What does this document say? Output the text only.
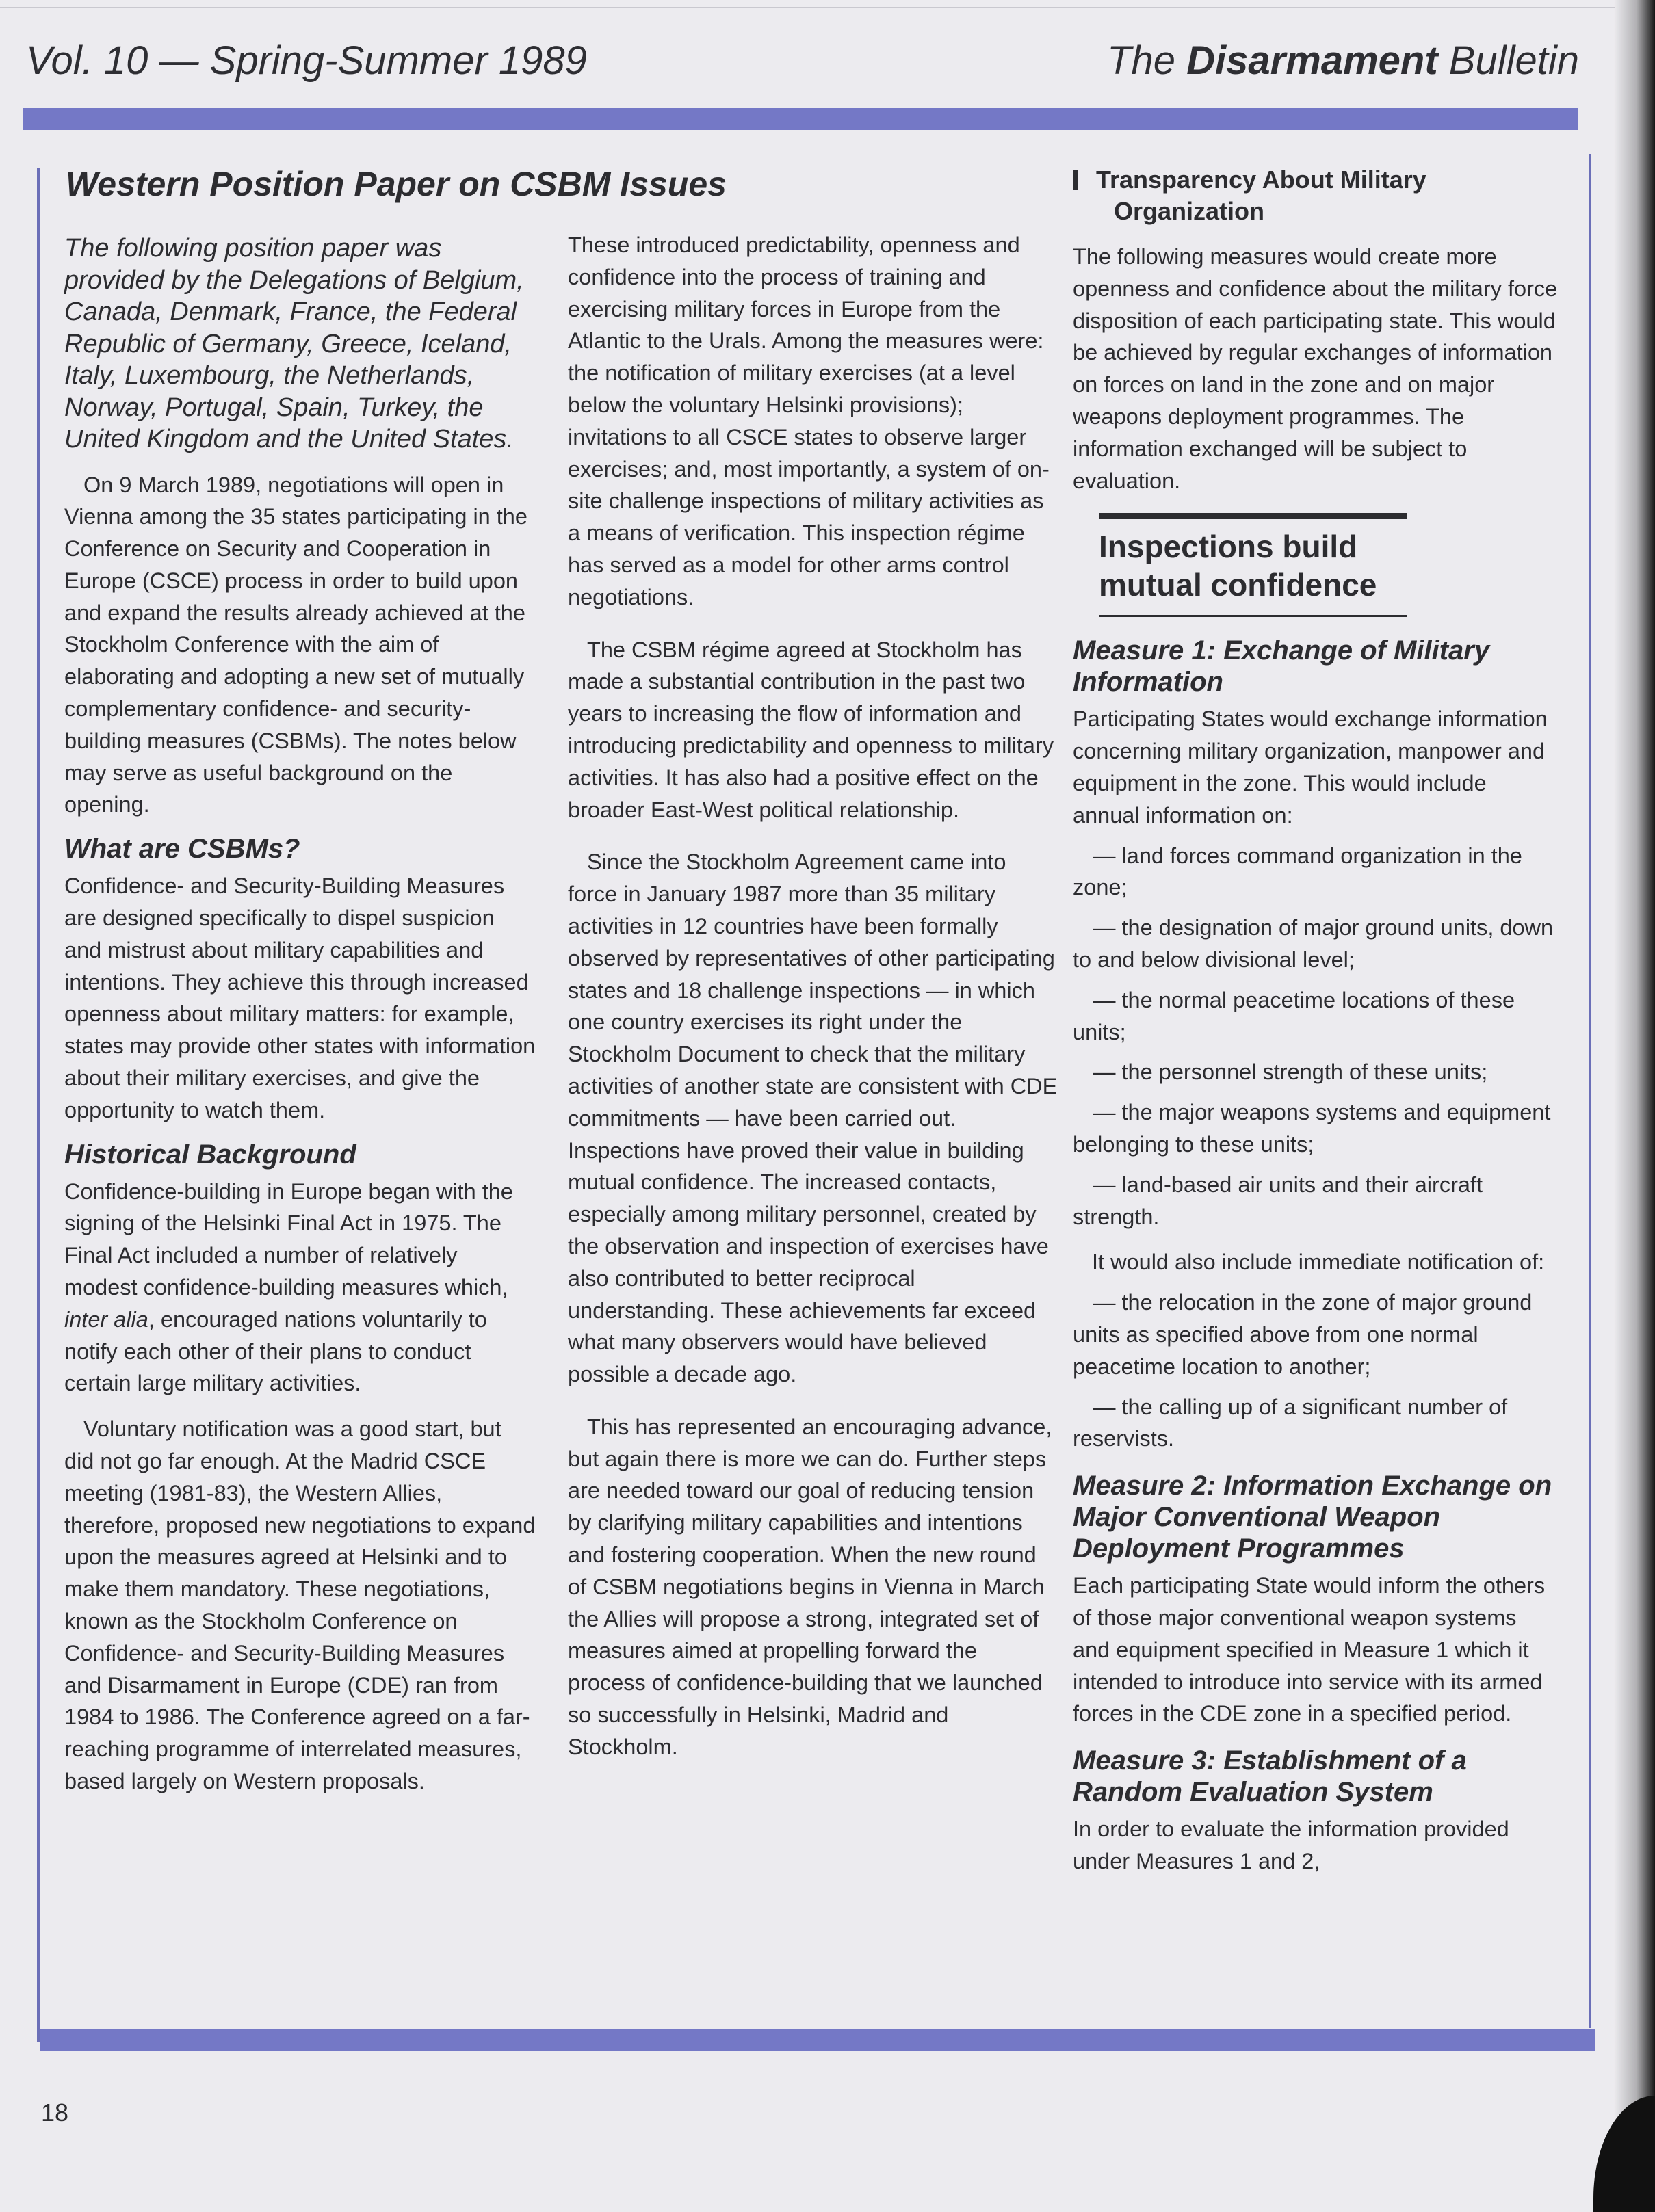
Vol. 10 — Spring-Summer 1989	The Disarmament Bulletin
Western Position Paper on CSBM Issues
The following position paper was provided by the Delegations of Belgium, Canada, Denmark, France, the Federal Republic of Germany, Greece, Iceland, Italy, Luxembourg, the Netherlands, Norway, Portugal, Spain, Turkey, the United Kingdom and the United States.

On 9 March 1989, negotiations will open in Vienna among the 35 states participating in the Conference on Security and Cooperation in Europe (CSCE) process in order to build upon and expand the results already achieved at the Stockholm Conference with the aim of elaborating and adopting a new set of mutually complementary confidence- and security-building measures (CSBMs). The notes below may serve as useful background on the opening.

What are CSBMs?

Confidence- and Security-Building Measures are designed specifically to dispel suspicion and mistrust about military capabilities and intentions. They achieve this through increased openness about military matters: for example, states may provide other states with information about their military exercises, and give the opportunity to watch them.

Historical Background

Confidence-building in Europe began with the signing of the Helsinki Final Act in 1975. The Final Act included a number of relatively modest confidence-building measures which, inter alia, encouraged nations voluntarily to notify each other of their plans to conduct certain large military activities.

Voluntary notification was a good start, but did not go far enough. At the Madrid CSCE meeting (1981-83), the Western Allies, therefore, proposed new negotiations to expand upon the measures agreed at Helsinki and to make them mandatory. These negotiations, known as the Stockholm Conference on Confidence- and Security-Building Measures and Disarmament in Europe (CDE) ran from 1984 to 1986. The Conference agreed on a far-reaching programme of interrelated measures, based largely on Western proposals.

These introduced predictability, openness and confidence into the process of training and exercising military forces in Europe from the Atlantic to the Urals. Among the measures were: the notification of military exercises (at a level below the voluntary Helsinki provisions); invitations to all CSCE states to observe larger exercises; and, most importantly, a system of on-site challenge inspections of military activities as a means of verification. This inspection régime has served as a model for other arms control negotiations.

The CSBM régime agreed at Stockholm has made a substantial contribution in the past two years to increasing the flow of information and introducing predictability and openness to military activities. It has also had a positive effect on the broader East-West political relationship.

Since the Stockholm Agreement came into force in January 1987 more than 35 military activities in 12 countries have been formally observed by representatives of other participating states and 18 challenge inspections — in which one country exercises its right under the Stockholm Document to check that the military activities of another state are consistent with CDE commitments — have been carried out. Inspections have proved their value in building mutual confidence. The increased contacts, especially among military personnel, created by the observation and inspection of exercises have also contributed to better reciprocal understanding. These achievements far exceed what many observers would have believed possible a decade ago.

This has represented an encouraging advance, but again there is more we can do. Further steps are needed toward our goal of reducing tension by clarifying military capabilities and intentions and fostering cooperation. When the new round of CSBM negotiations begins in Vienna in March the Allies will propose a strong, integrated set of measures aimed at propelling forward the process of confidence-building that we launched so successfully in Helsinki, Madrid and Stockholm.

Transparency About Military Organization

The following measures would create more openness and confidence about the military force disposition of each participating state. This would be achieved by regular exchanges of information on forces on land in the zone and on major weapons deployment programmes. The information exchanged will be subject to evaluation.

Inspections build mutual confidence
Measure 1: Exchange of Military Information

Participating States would exchange information concerning military organization, manpower and equipment in the zone. This would include annual information on:

— land forces command organization in the zone;

— the designation of major ground units, down to and below divisional level;

— the normal peacetime locations of these units;

— the personnel strength of these units;

— the major weapons systems and equipment belonging to these units;

— land-based air units and their aircraft strength.

It would also include immediate notification of:

— the relocation in the zone of major ground units as specified above from one normal peacetime location to another;

— the calling up of a significant number of reservists.

Measure 2: Information Exchange on Major Conventional Weapon Deployment Programmes

Each participating State would inform the others of those major conventional weapon systems and equipment specified in Measure 1 which it intended to introduce into service with its armed forces in the CDE zone in a specified period.

Measure 3: Establishment of a Random Evaluation System

In order to evaluate the information provided under Measures 1 and 2,

18
